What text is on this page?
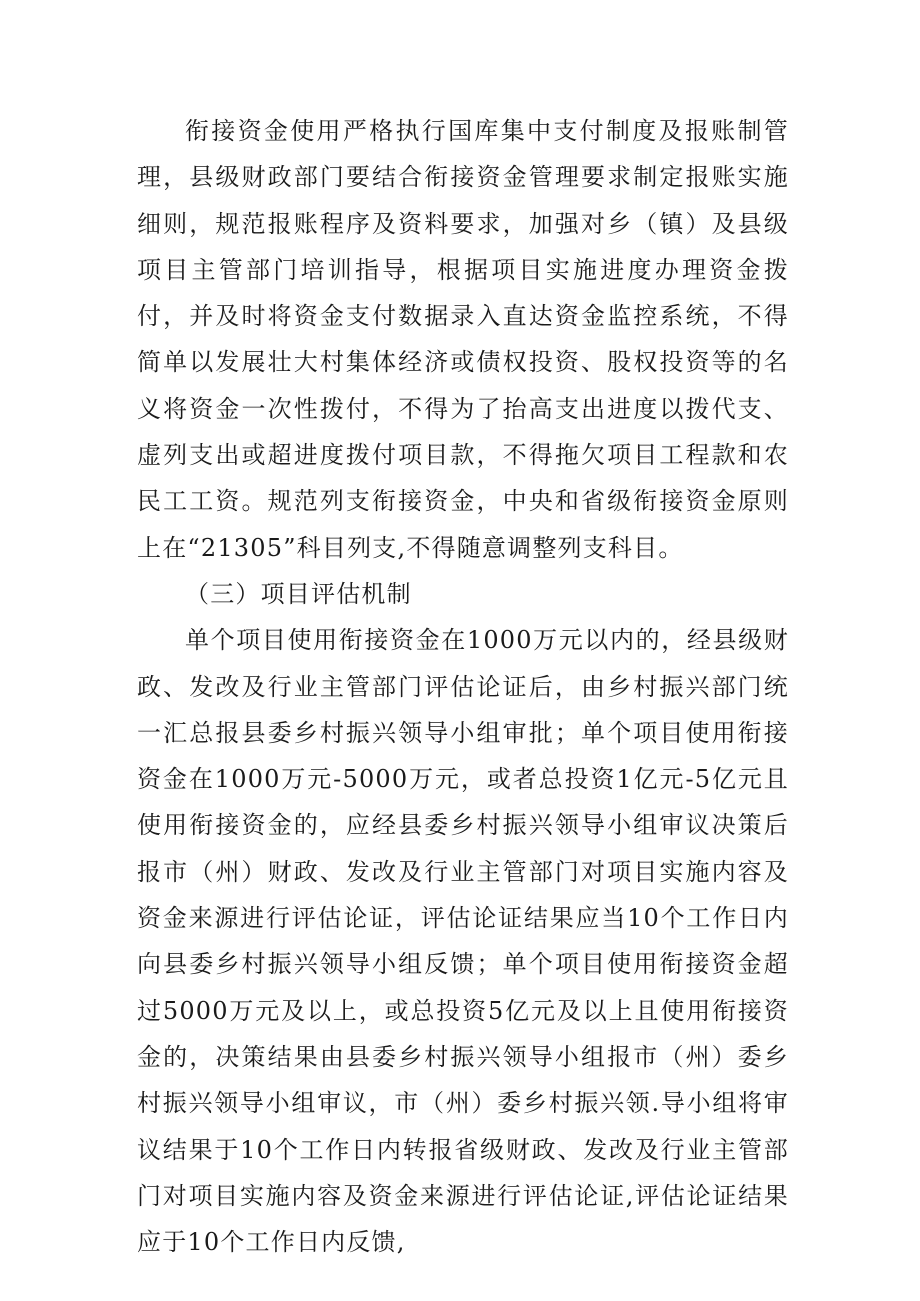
衔接资金使用严格执行国库集中支付制度及报账制管理，县级财政部门要结合衔接资金管理要求制定报账实施细则，规范报账程序及资料要求，加强对乡（镇）及县级项目主管部门培训指导，根据项目实施进度办理资金拨付，并及时将资金支付数据录入直达资金监控系统，不得简单以发展壮大村集体经济或债权投资、股权投资等的名义将资金一次性拨付，不得为了抬高支出进度以拨代支、虚列支出或超进度拨付项目款，不得拖欠项目工程款和农民工工资。规范列支衔接资金，中央和省级衔接资金原则上在“21305”科目列支,不得随意调整列支科目。

（三）项目评估机制

单个项目使用衔接资金在1000万元以内的，经县级财政、发改及行业主管部门评估论证后，由乡村振兴部门统一汇总报县委乡村振兴领导小组审批；单个项目使用衔接资金在1000万元-5000万元，或者总投资1亿元-5亿元且使用衔接资金的，应经县委乡村振兴领导小组审议决策后报市（州）财政、发改及行业主管部门对项目实施内容及资金来源进行评估论证，评估论证结果应当10个工作日内向县委乡村振兴领导小组反馈；单个项目使用衔接资金超过5000万元及以上，或总投资5亿元及以上且使用衔接资金的，决策结果由县委乡村振兴领导小组报市（州）委乡村振兴领导小组审议，市（州）委乡村振兴领.导小组将审议结果于10个工作日内转报省级财政、发改及行业主管部门对项目实施内容及资金来源进行评估论证,评估论证结果应于10个工作日内反馈,
